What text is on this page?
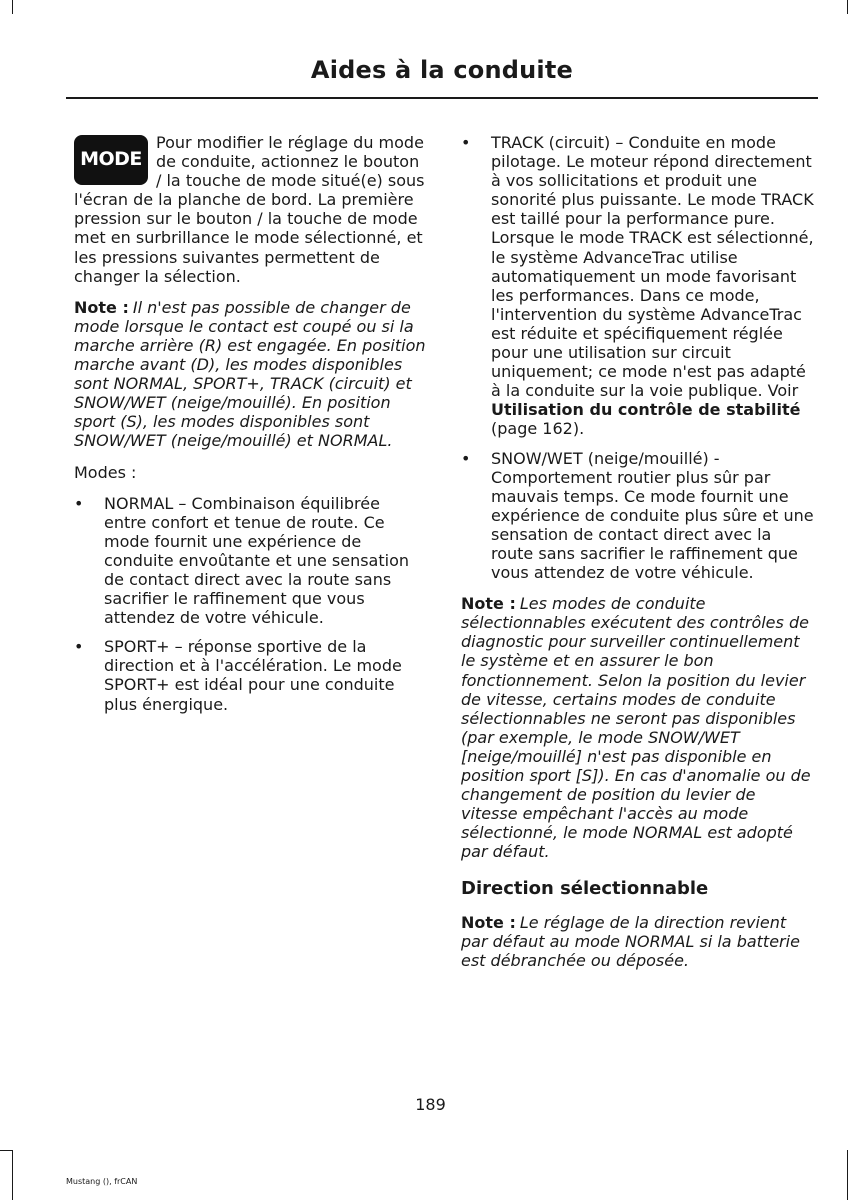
Aides à la conduite

MODE
Pour modifier le réglage du mode de conduite, actionnez le bouton / la touche de mode situé(e) sous l'écran de la planche de bord. La première pression sur le bouton / la touche de mode met en surbrillance le mode sélectionné, et les pressions suivantes permettent de changer la sélection.

Note : Il n'est pas possible de changer de mode lorsque le contact est coupé ou si la marche arrière (R) est engagée. En position marche avant (D), les modes disponibles sont NORMAL, SPORT+, TRACK (circuit) et SNOW/WET (neige/mouillé). En position sport (S), les modes disponibles sont SNOW/WET (neige/mouillé) et NORMAL.

Modes :

• NORMAL – Combinaison équilibrée entre confort et tenue de route. Ce mode fournit une expérience de conduite envoûtante et une sensation de contact direct avec la route sans sacrifier le raffinement que vous attendez de votre véhicule.
• SPORT+ – réponse sportive de la direction et à l'accélération. Le mode SPORT+ est idéal pour une conduite plus énergique.
• TRACK (circuit) – Conduite en mode pilotage. Le moteur répond directement à vos sollicitations et produit une sonorité plus puissante. Le mode TRACK est taillé pour la performance pure. Lorsque le mode TRACK est sélectionné, le système AdvanceTrac utilise automatiquement un mode favorisant les performances. Dans ce mode, l'intervention du système AdvanceTrac est réduite et spécifiquement réglée pour une utilisation sur circuit uniquement; ce mode n'est pas adapté à la conduite sur la voie publique. Voir Utilisation du contrôle de stabilité (page 162).
• SNOW/WET (neige/mouillé) - Comportement routier plus sûr par mauvais temps. Ce mode fournit une expérience de conduite plus sûre et une sensation de contact direct avec la route sans sacrifier le raffinement que vous attendez de votre véhicule.

Note : Les modes de conduite sélectionnables exécutent des contrôles de diagnostic pour surveiller continuellement le système et en assurer le bon fonctionnement. Selon la position du levier de vitesse, certains modes de conduite sélectionnables ne seront pas disponibles (par exemple, le mode SNOW/WET [neige/mouillé] n'est pas disponible en position sport [S]). En cas d'anomalie ou de changement de position du levier de vitesse empêchant l'accès au mode sélectionné, le mode NORMAL est adopté par défaut.

Direction sélectionnable

Note : Le réglage de la direction revient par défaut au mode NORMAL si la batterie est débranchée ou déposée.

189
Mustang (), frCAN
